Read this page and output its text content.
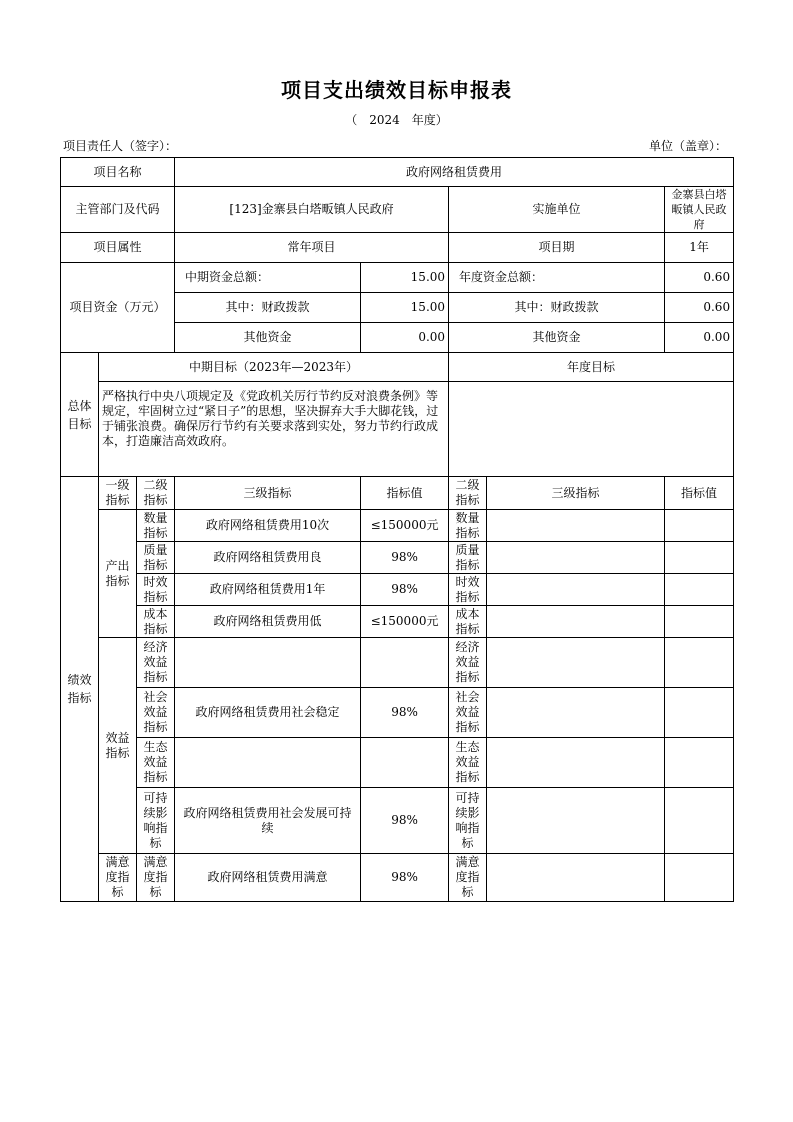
项目支出绩效目标申报表
（　2024　年度）
项目责任人（签字）：	单位（盖章）：
项目名称			政府网络租赁费用				
主管部门及代码			[123]金寨县白塔畈镇人民政府		实施单位		金寨县白塔畈镇人民政府
项目属性			常年项目		项目期		1年
项目资金（万元）			中期资金总额：	15.00	年度资金总额：		0.60
			其中：财政拨款	15.00	其中：财政拨款		0.60
			其他资金	0.00	其他资金		0.00
总体目标	中期目标（2023年—2023年）				年度目标		
	严格执行中央八项规定及《党政机关厉行节约反对浪费条例》等规定，牢固树立过“紧日子”的思想，坚决摒弃大手大脚花钱，过于铺张浪费。确保厉行节约有关要求落到实处，努力节约行政成本，打造廉洁高效政府。						
绩效指标	一级指标	二级指标	三级指标	指标值	二级指标	三级指标	指标值
	产出指标	数量指标	政府网络租赁费用10次	≤150000元	数量指标		
		质量指标	政府网络租赁费用良	98%	质量指标		
		时效指标	政府网络租赁费用1年	98%	时效指标		
		成本指标	政府网络租赁费用低	≤150000元	成本指标		
	效益指标	经济效益指标			经济效益指标		
		社会效益指标	政府网络租赁费用社会稳定	98%	社会效益指标		
		生态效益指标			生态效益指标		
		可持续影响指标	政府网络租赁费用社会发展可持续	98%	可持续影响指标		
	满意度指标	满意度指标	政府网络租赁费用满意	98%	满意度指标		
